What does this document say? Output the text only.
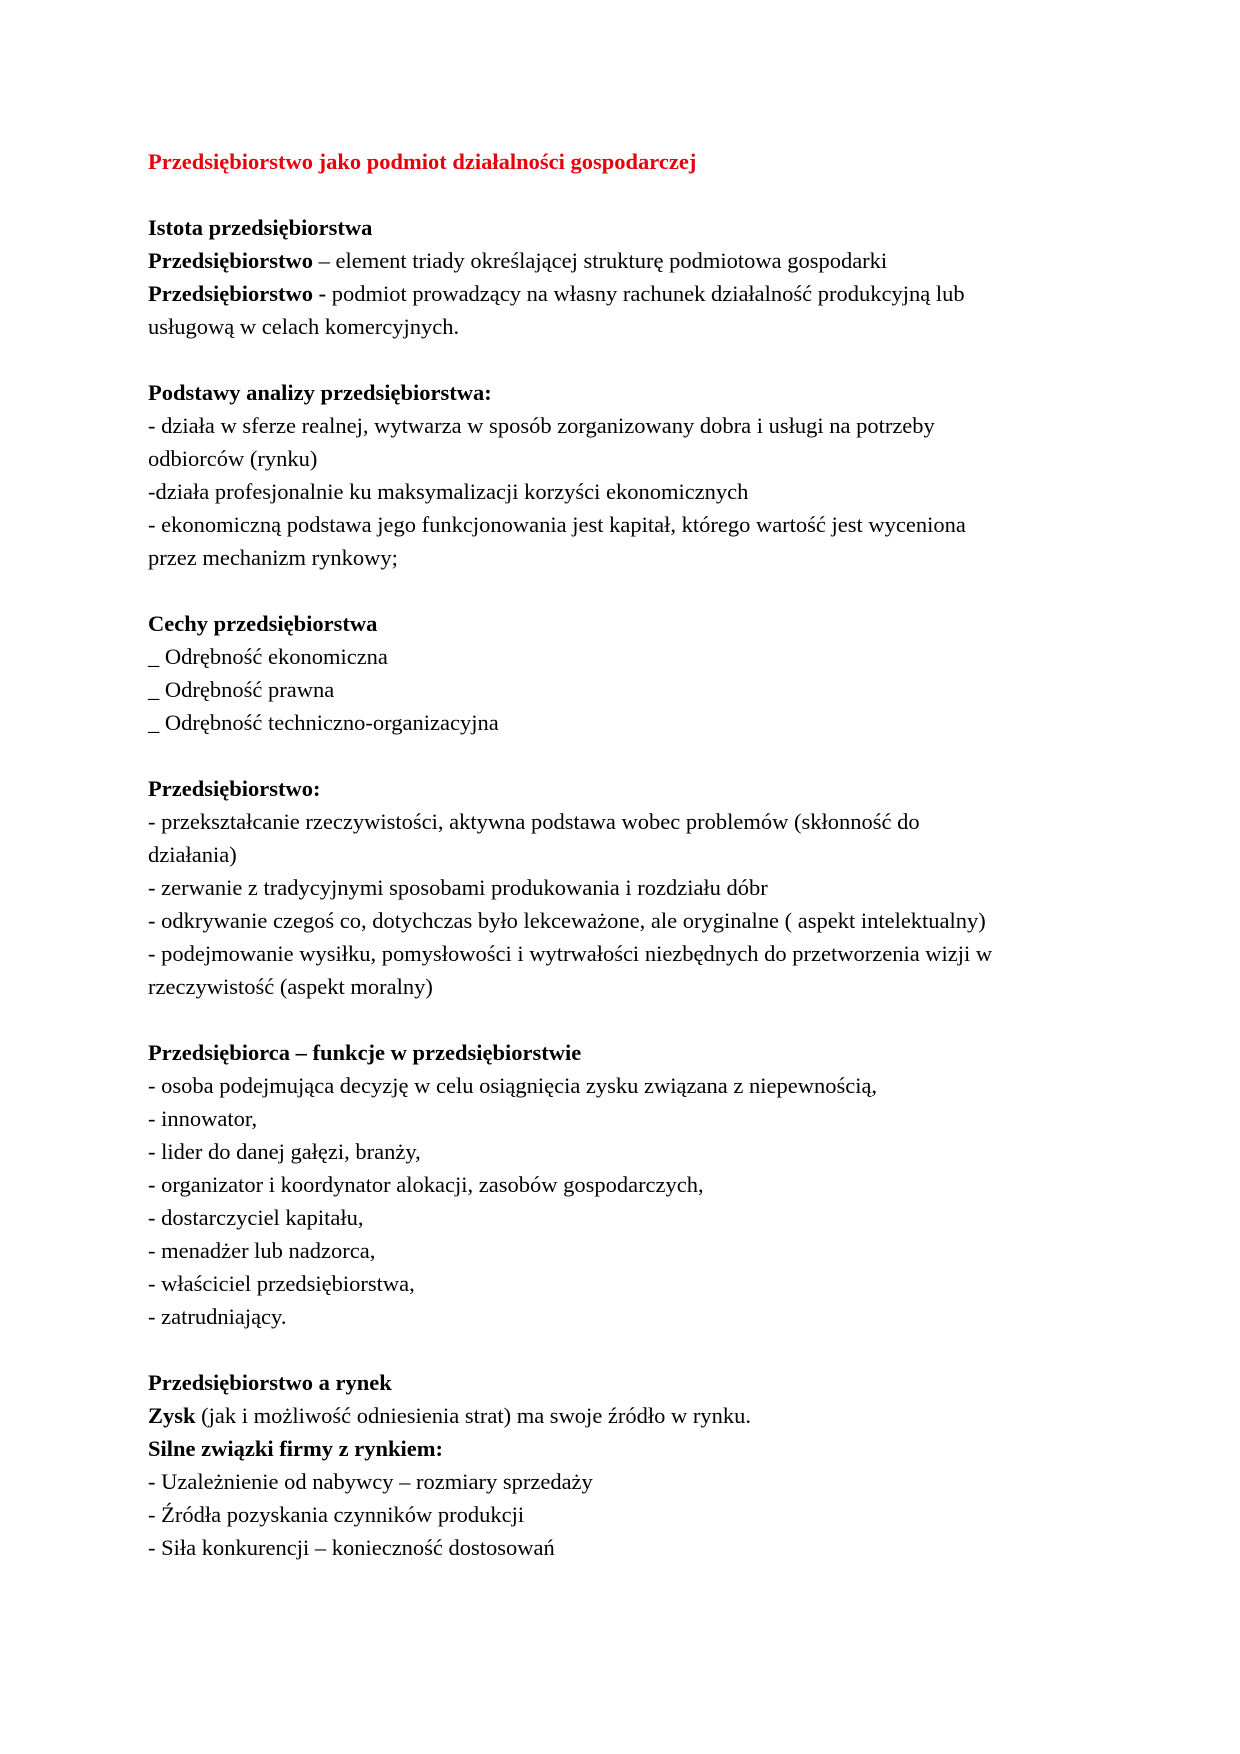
Przedsiębiorstwo jako podmiot działalności gospodarczej

Istota przedsiębiorstwa

Przedsiębiorstwo – element triady określającej strukturę podmiotowa gospodarki

Przedsiębiorstwo - podmiot prowadzący na własny rachunek działalność produkcyjną lub

usługową w celach komercyjnych.

Podstawy analizy przedsiębiorstwa:

- działa w sferze realnej, wytwarza w sposób zorganizowany dobra i usługi na potrzeby

odbiorców (rynku)

-działa profesjonalnie ku maksymalizacji korzyści ekonomicznych

- ekonomiczną podstawa jego funkcjonowania jest kapitał, którego wartość jest wyceniona

przez mechanizm rynkowy;

Cechy przedsiębiorstwa

_ Odrębność ekonomiczna

_ Odrębność prawna

_ Odrębność techniczno-organizacyjna

Przedsiębiorstwo:

- przekształcanie rzeczywistości, aktywna podstawa wobec problemów (skłonność do

działania)

- zerwanie z tradycyjnymi sposobami produkowania i rozdziału dóbr

- odkrywanie czegoś co, dotychczas było lekceważone, ale oryginalne ( aspekt intelektualny)

- podejmowanie wysiłku, pomysłowości i wytrwałości niezbędnych do przetworzenia wizji w

rzeczywistość (aspekt moralny)

Przedsiębiorca – funkcje w przedsiębiorstwie

- osoba podejmująca decyzję w celu osiągnięcia zysku związana z niepewnością,

- innowator,

- lider do danej gałęzi, branży,

- organizator i koordynator alokacji, zasobów gospodarczych,

- dostarczyciel kapitału,

- menadżer lub nadzorca,

- właściciel przedsiębiorstwa,

- zatrudniający.

Przedsiębiorstwo a rynek

Zysk (jak i możliwość odniesienia strat) ma swoje źródło w rynku.

Silne związki firmy z rynkiem:

- Uzależnienie od nabywcy – rozmiary sprzedaży

- Źródła pozyskania czynników produkcji

- Siła konkurencji – konieczność dostosowań
